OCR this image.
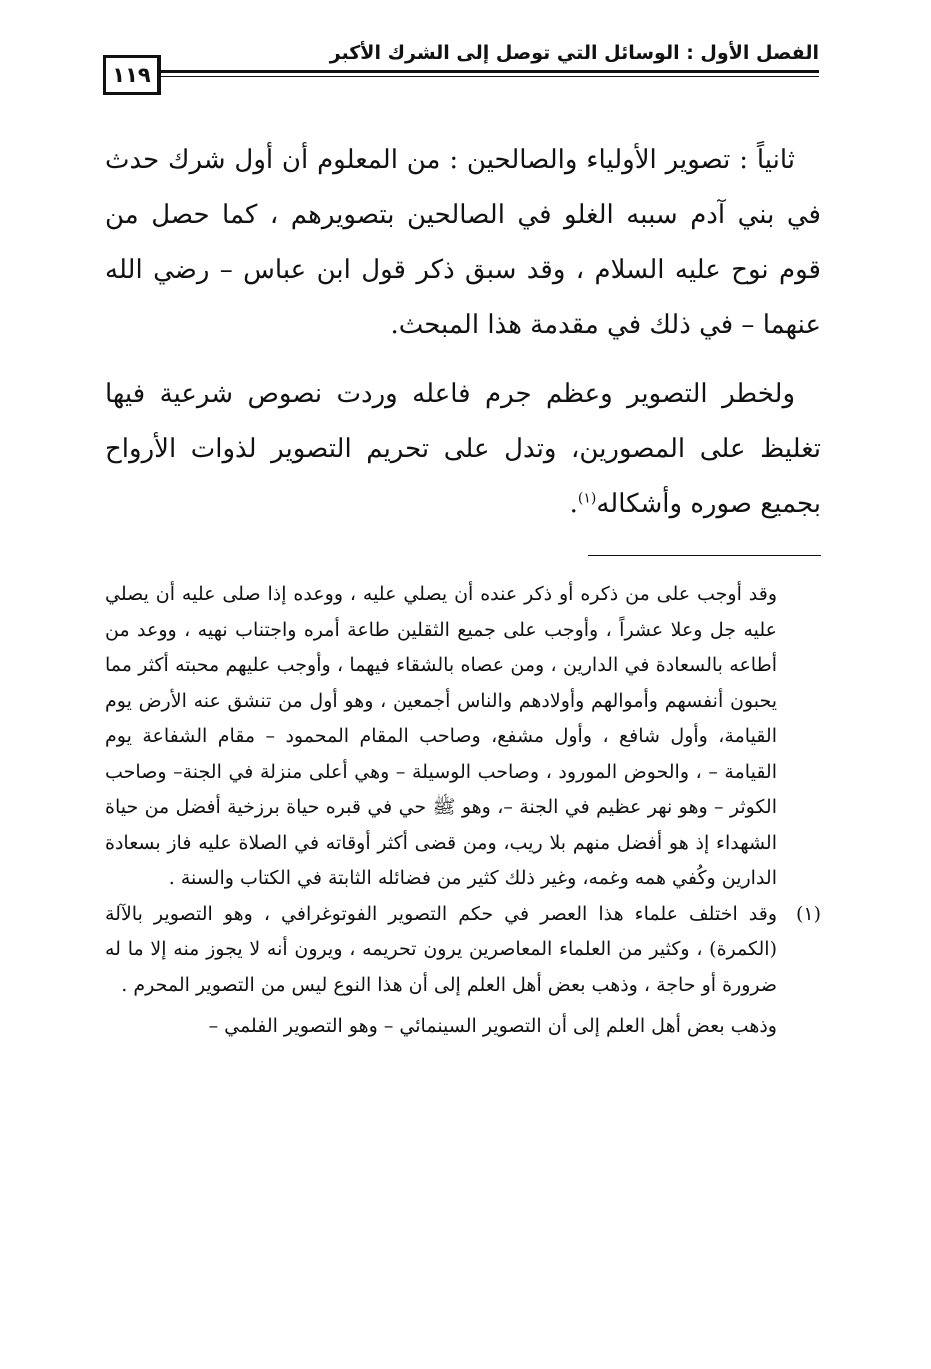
الفصل الأول : الوسائل التي توصل إلى الشرك الأكبر
١١٩

ثانياً : تصوير الأولياء والصالحين : من المعلوم أن أول شرك حدث في بني آدم سببه الغلو في الصالحين بتصويرهم ، كما حصل من قوم نوح عليه السلام ، وقد سبق ذكر قول ابن عباس – رضي الله عنهما – في ذلك في مقدمة هذا المبحث.

ولخطر التصوير وعظم جرم فاعله وردت نصوص شرعية فيها تغليظ على المصورين، وتدل على تحريم التصوير لذوات الأرواح بجميع صوره وأشكاله$^{(١)}$.

وقد أوجب على من ذكره أو ذكر عنده أن يصلي عليه ، ووعده إذا صلى عليه أن يصلي عليه جل وعلا عشراً ، وأوجب على جميع الثقلين طاعة أمره واجتناب نهيه ، ووعد من أطاعه بالسعادة في الدارين ، ومن عصاه بالشقاء فيهما ، وأوجب عليهم محبته أكثر مما يحبون أنفسهم وأموالهم وأولادهم والناس أجمعين ، وهو أول من تنشق عنه الأرض يوم القيامة، وأول شافع ، وأول مشفع، وصاحب المقام المحمود – مقام الشفاعة يوم القيامة – ، والحوض المورود ، وصاحب الوسيلة – وهي أعلى منزلة في الجنة– وصاحب الكوثر – وهو نهر عظيم في الجنة –، وهو ﷺ حي في قبره حياة برزخية أفضل من حياة الشهداء إذ هو أفضل منهم بلا ريب، ومن قضى أكثر أوقاته في الصلاة عليه فاز بسعادة الدارين وكُفي همه وغمه، وغير ذلك كثير من فضائله الثابتة في الكتاب والسنة .

(١)

وقد اختلف علماء هذا العصر في حكم التصوير الفوتوغرافي ، وهو التصوير بالآلة (الكمرة) ، وكثير من العلماء المعاصرين يرون تحريمه ، ويرون أنه لا يجوز منه إلا ما له ضرورة أو حاجة ، وذهب بعض أهل العلم إلى أن هذا النوع ليس من التصوير المحرم .

وذهب بعض أهل العلم إلى أن التصوير السينمائي – وهو التصوير الفلمي –
